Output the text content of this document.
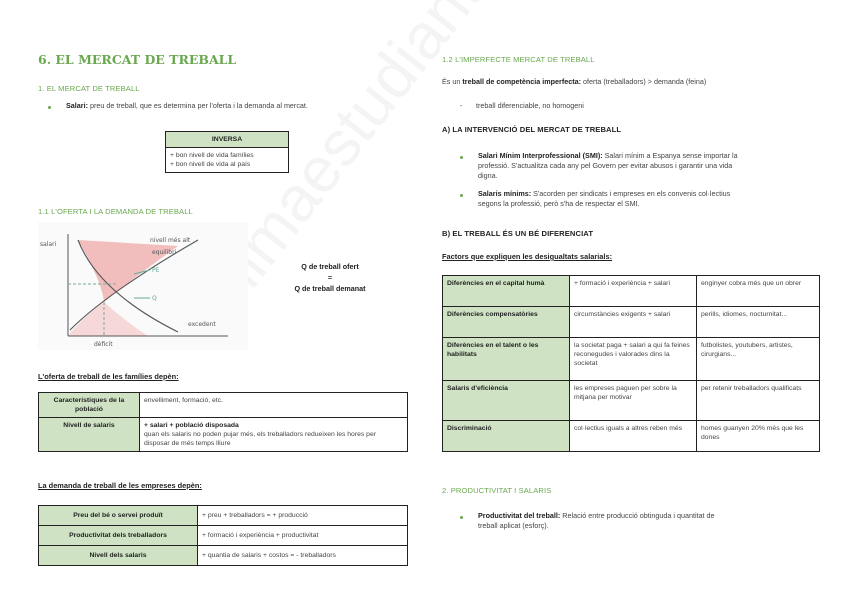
6. EL MERCAT DE TREBALL
1. EL MERCAT DE TREBALL
Salari: preu de treball, que es determina per l'oferta i la demanda al mercat.
INVERSA

+ bon nivell de vida famílies
+ bon nivell de vida al país
1.1 L'OFERTA I LA DEMANDA DE TREBALL
salari
nivell més alt
equilibri
PE
Q
excedent
dèficit
Q de treball ofert
=
Q de treball demanat
L'oferta de treball de les famílies depèn:
Característiques de la població	envelliment, formació, etc.
Nivell de salaris	+ salari + població disposada
quan els salaris no poden pujar més, els treballadors redueixen les hores per disposar de més temps lliure
La demanda de treball de les empreses depèn:
Preu del bé o servei produït	+ preu + treballadors = + producció
Productivitat dels treballadors	+ formació i experiència + productivitat
Nivell dels salaris	+ quantia de salaris + costos = - treballadors
1.2 L'IMPERFECTE MERCAT DE TREBALL
És un treball de competència imperfecta: oferta (treballadors) > demanda (feina)
- treball diferenciable, no homogeni
A) LA INTERVENCIÓ DEL MERCAT DE TREBALL
Salari Mínim Interprofessional (SMI): Salari mínim a Espanya sense importar la
professió. S'actualitza cada any pel Govern per evitar abusos i garantir una vida
digna.
Salaris mínims: S'acorden per sindicats i empreses en els convenis col·lectius
segons la professió, però s'ha de respectar el SMI.
B) EL TREBALL ÉS UN BÉ DIFERENCIAT
Factors que expliquen les desigualtats salarials:
Diferències en el capital humà	+ formació i experiència + salari	enginyer cobra més que un obrer
Diferències compensatòries	circumstàncies exigents + salari	perills, idiomes, nocturnitat...
Diferències en el talent o les habilitats	la societat paga + salari a qui fa feines reconegudes i valorades dins la societat	futbolistes, youtubers, artistes, cirurgians...
Salaris d'eficiència	les empreses paguen per sobre la mitjana per motivar	per retenir treballadors qualificats
Discriminació	col·lectius iguals a altres reben més	homes guanyen 20% més que les dones
2. PRODUCTIVITAT I SALARIS
Productivitat del treball: Relació entre producció obtinguda i quantitat de
treball aplicat (esforç).
